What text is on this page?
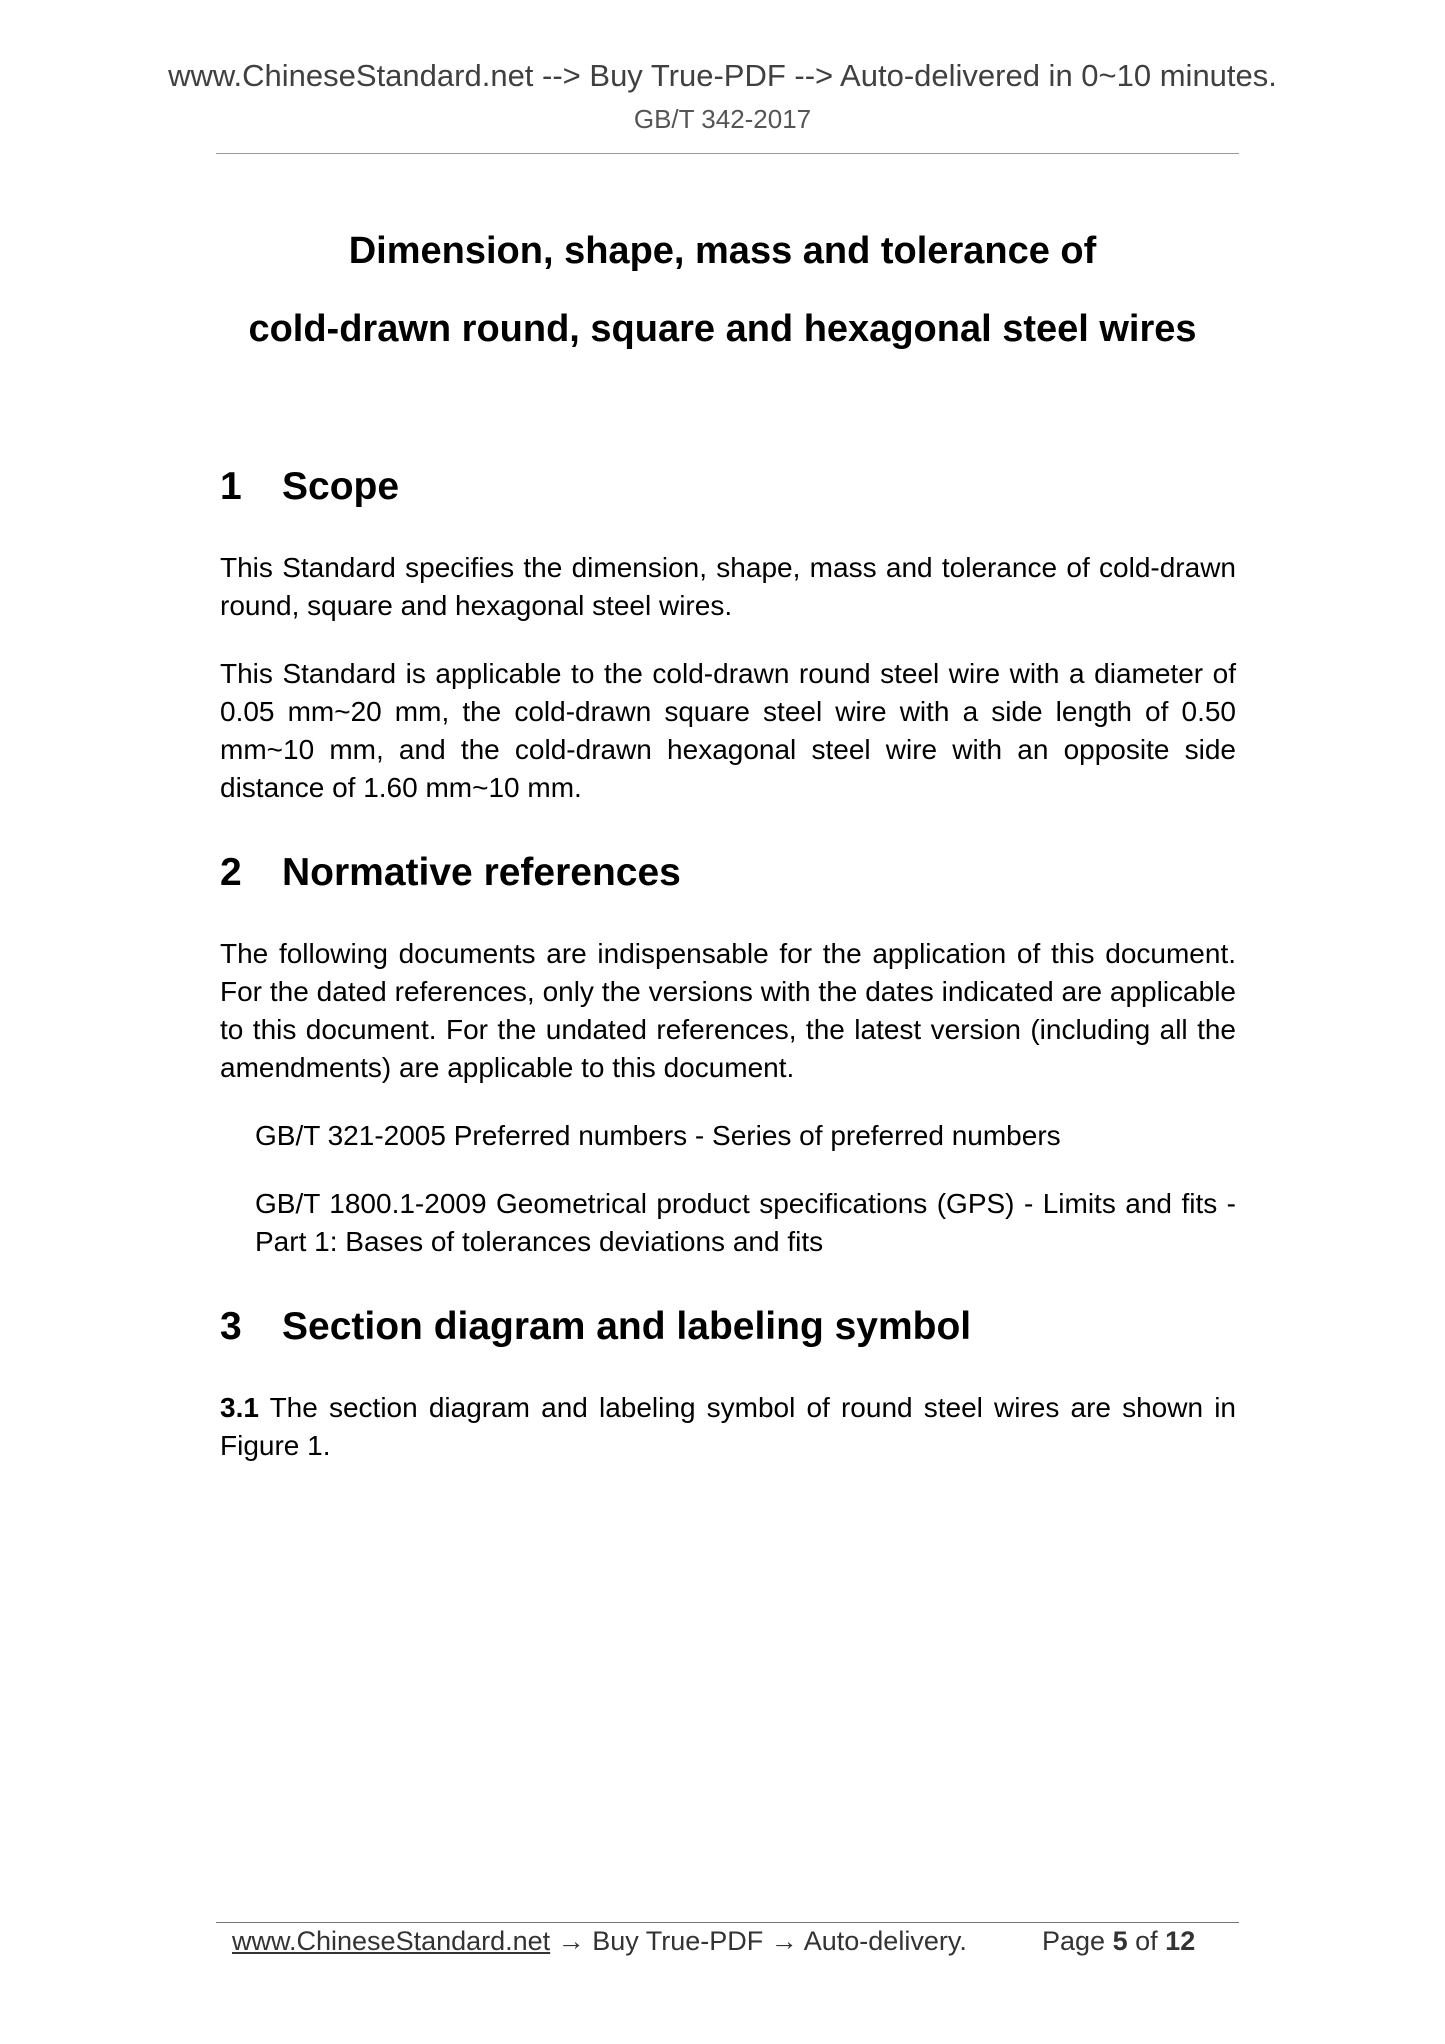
www.ChineseStandard.net --> Buy True-PDF --> Auto-delivered in 0~10 minutes.
GB/T 342-2017
Dimension, shape, mass and tolerance of
cold-drawn round, square and hexagonal steel wires
1 Scope

This Standard specifies the dimension, shape, mass and tolerance of cold-drawn round, square and hexagonal steel wires.

This Standard is applicable to the cold-drawn round steel wire with a diameter of 0.05 mm~20 mm, the cold-drawn square steel wire with a side length of 0.50 mm~10 mm, and the cold-drawn hexagonal steel wire with an opposite side distance of 1.60 mm~10 mm.

2 Normative references

The following documents are indispensable for the application of this document. For the dated references, only the versions with the dates indicated are applicable to this document. For the undated references, the latest version (including all the amendments) are applicable to this document.

GB/T 321-2005 Preferred numbers - Series of preferred numbers

GB/T 1800.1-2009 Geometrical product specifications (GPS) - Limits and fits - Part 1: Bases of tolerances deviations and fits

3 Section diagram and labeling symbol

3.1 The section diagram and labeling symbol of round steel wires are shown in Figure 1.

www.ChineseStandard.net → Buy True-PDF → Auto-delivery.	Page 5 of 12
